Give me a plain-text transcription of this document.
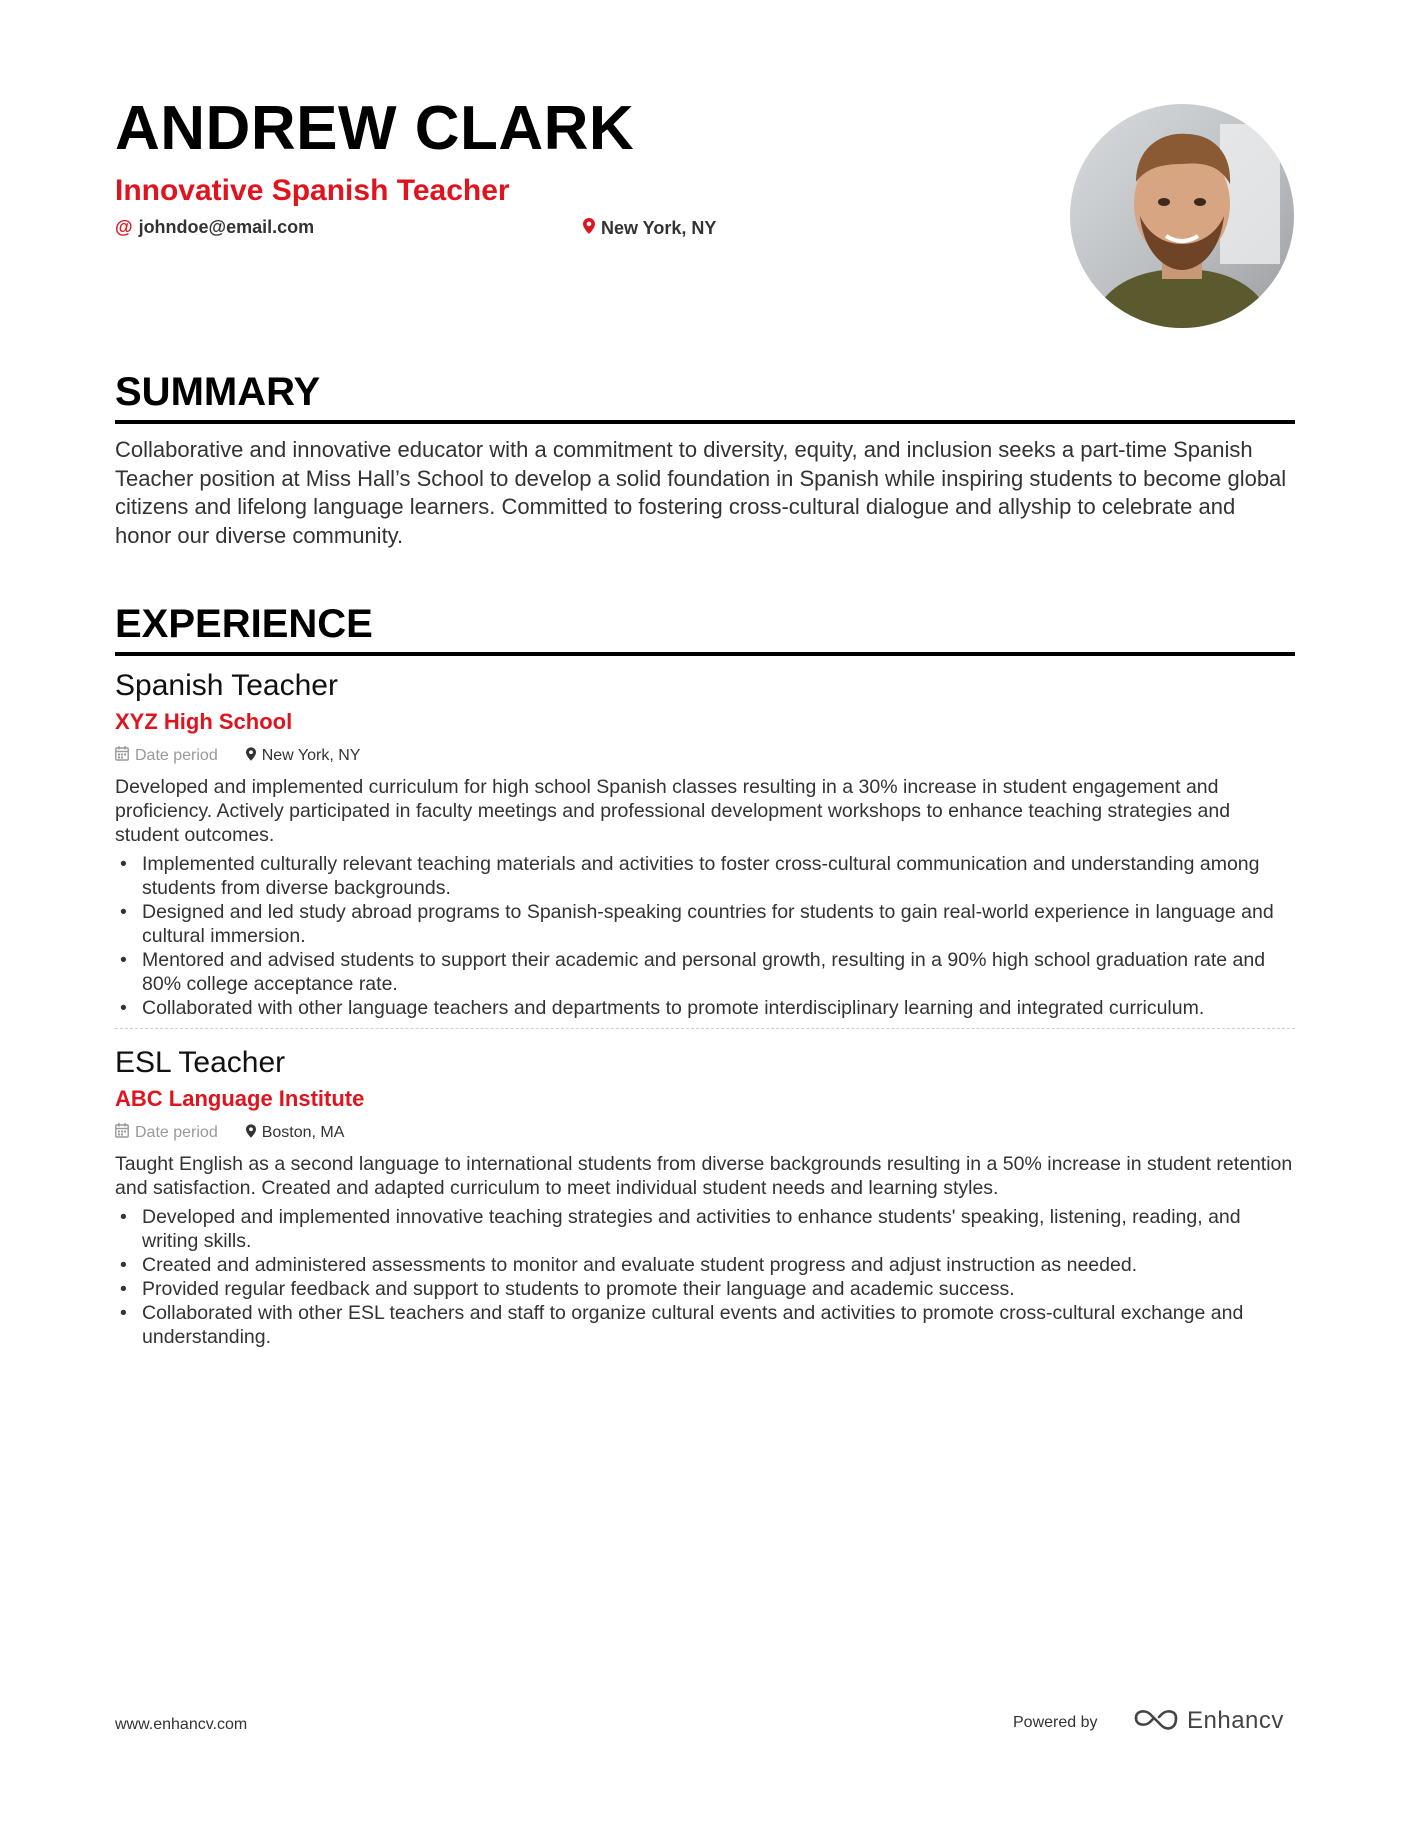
ANDREW CLARK
Innovative Spanish Teacher
@ johndoe@email.com	New York, NY
SUMMARY

Collaborative and innovative educator with a commitment to diversity, equity, and inclusion seeks a part-time Spanish Teacher position at Miss Hall’s School to develop a solid foundation in Spanish while inspiring students to become global citizens and lifelong language learners. Committed to fostering cross-cultural dialogue and allyship to celebrate and honor our diverse community.

EXPERIENCE
Spanish Teacher
XYZ High School
Date period	New York, NY

Developed and implemented curriculum for high school Spanish classes resulting in a 30% increase in student engagement and proficiency. Actively participated in faculty meetings and professional development workshops to enhance teaching strategies and student outcomes.

• Implemented culturally relevant teaching materials and activities to foster cross-cultural communication and understanding among students from diverse backgrounds.
• Designed and led study abroad programs to Spanish-speaking countries for students to gain real-world experience in language and cultural immersion.
• Mentored and advised students to support their academic and personal growth, resulting in a 90% high school graduation rate and 80% college acceptance rate.
• Collaborated with other language teachers and departments to promote interdisciplinary learning and integrated curriculum.
ESL Teacher
ABC Language Institute
Date period	Boston, MA

Taught English as a second language to international students from diverse backgrounds resulting in a 50% increase in student retention and satisfaction. Created and adapted curriculum to meet individual student needs and learning styles.

• Developed and implemented innovative teaching strategies and activities to enhance students' speaking, listening, reading, and writing skills.
• Created and administered assessments to monitor and evaluate student progress and adjust instruction as needed.
• Provided regular feedback and support to students to promote their language and academic success.
• Collaborated with other ESL teachers and staff to organize cultural events and activities to promote cross-cultural exchange and understanding.
www.enhancv.com	Powered by	Enhancv
